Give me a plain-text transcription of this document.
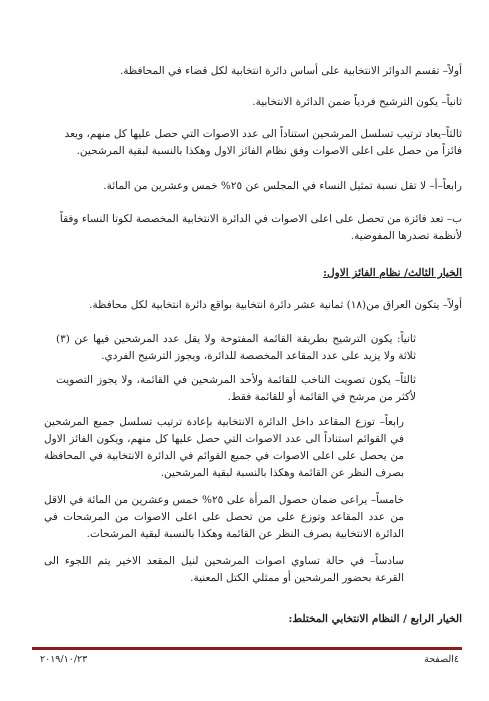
أولاً– تقسم الدوائر الانتخابية على أساس دائرة انتخابية لكل قضاء في المحافظة.

ثانياً– يكون الترشيح فردياً ضمن الدائرة الانتخابية.

ثالثاً–يعاد ترتيب تسلسل المرشحين استناداً الى عدد الاصوات التي حصل عليها كل منهم، ويعد فائزاً من حصل على اعلى الاصوات وفق نظام الفائز الاول وهكذا بالنسبة لبقية المرشحين.

رابعاً–أ– لا تقل نسبة تمثيل النساء في المجلس عن ٢٥% خمس وعشرين من المائة.

ب– تعد فائزة من تحصل على اعلى الاصوات في الدائرة الانتخابية المخصصة لكوتا النساء وفقاً لأنظمة تصدرها المفوضية.

الخيار الثالث/ نظام الفائز الاول:

أولاً– يتكون العراق من(١٨) ثمانية عشر دائرة انتخابية بواقع دائرة انتخابية لكل محافظة.

ثانياً: يكون الترشيح بطريقة القائمة المفتوحة ولا يقل عدد المرشحين فيها عن (٣) ثلاثة ولا يزيد على عدد المقاعد المخصصة للدائرة، ويجوز الترشيح الفردي.

ثالثاً– يكون تصويت الناخب للقائمة ولأحد المرشحين في القائمة، ولا يجوز التصويت لأكثر من مرشح في القائمة أو للقائمة فقط.

رابعاً– توزع المقاعد داخل الدائرة الانتخابية بإعادة ترتيب تسلسل جميع المرشحين في القوائم استناداً الى عدد الاصوات التي حصل عليها كل منهم، ويكون الفائز الاول من يحصل على اعلى الاصوات في جميع القوائم في الدائرة الانتخابية في المحافظة بصرف النظر عن القائمة وهكذا بالنسبة لبقية المرشحين.

خامساً– يراعى ضمان حصول المرأة على ٢٥% خمس وعشرين من المائة في الاقل من عدد المقاعد وتوزع على من تحصل على اعلى الاصوات من المرشحات في الدائرة الانتخابية بصرف النظر عن القائمة وهكذا بالنسبة لبقية المرشحات.

سادساً– في حالة تساوي اصوات المرشحين لنيل المقعد الاخير يتم اللجوء الى القرعة بحضور المرشحين أو ممثلي الكتل المعنية.

الخيار الرابع / النظام الانتخابي المختلط:

٤الصفحة
٢٠١٩/١٠/٢٣
